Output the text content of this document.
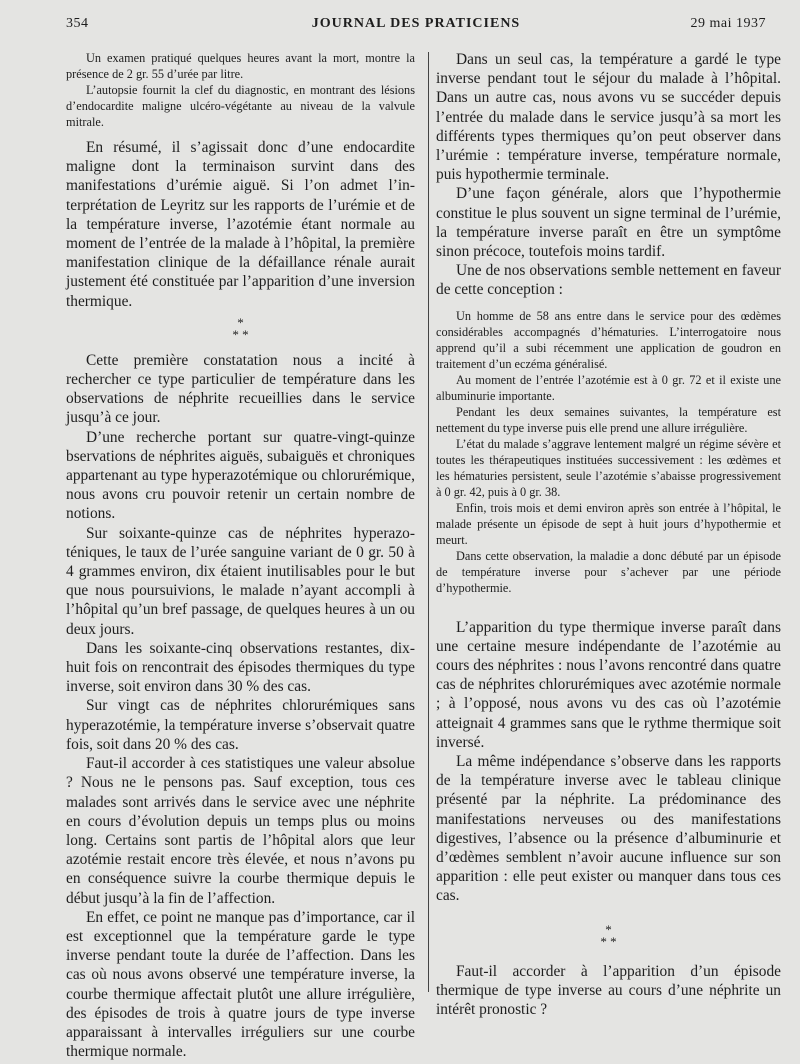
354	JOURNAL DES PRATICIENS	29 mai 1937

Un examen pratiqué quelques heures avant la mort, montre la présence de 2 gr. 55 d’urée par litre.

L’autopsie fournit la clef du diagnostic, en montrant des lésions d’endocardite maligne ulcéro-végétante au niveau de la valvule mitrale.

En résumé, il s’agissait donc d’une endocardite maligne dont la terminaison survint dans des manifestations d’urémie aiguë. Si l’on admet l’interprétation de Leyritz sur les rapports de l’urémie et de la température inverse, l’azotémie étant normale au moment de l’entrée de la malade à l’hôpital, la première manifestation clinique de la défaillance rénale aurait justement été constituée par l’apparition d’une inversion thermique.

*
* *

Cette première constatation nous a incité à rechercher ce type particulier de température dans les observations de néphrite recueillies dans le service jusqu’à ce jour.

D’une recherche portant sur quatre-vingt-quinze bservations de néphrites aiguës, subaiguës et chroniques appartenant au type hyperazotémique ou chlorurémique, nous avons cru pouvoir retenir un certain nombre de notions.

Sur soixante-quinze cas de néphrites hyperazoténiques, le taux de l’urée sanguine variant de 0 gr. 50 à 4 grammes environ, dix étaient inutilisables pour le but que nous poursuivions, le malade n’ayant accompli à l’hôpital qu’un bref passage, de quelques heures à un ou deux jours.

Dans les soixante-cinq observations restantes, dix-huit fois on rencontrait des épisodes thermiques du type inverse, soit environ dans 30 % des cas.

Sur vingt cas de néphrites chlorurémiques sans hyperazotémie, la température inverse s’observait quatre fois, soit dans 20 % des cas.

Faut-il accorder à ces statistiques une valeur absolue ? Nous ne le pensons pas. Sauf exception, tous ces malades sont arrivés dans le service avec une néphrite en cours d’évolution depuis un temps plus ou moins long. Certains sont partis de l’hôpital alors que leur azotémie restait encore très élevée, et nous n’avons pu en conséquence suivre la courbe thermique depuis le début jusqu’à la fin de l’affection.

En effet, ce point ne manque pas d’importance, car il est exceptionnel que la température garde le type inverse pendant toute la durée de l’affection. Dans les cas où nous avons observé une température inverse, la courbe thermique affectait plutôt une allure irrégulière, des épisodes de trois à quatre jours de type inverse apparaissant à intervalles irréguliers sur une courbe thermique normale.

Dans un seul cas, la température a gardé le type inverse pendant tout le séjour du malade à l’hôpital. Dans un autre cas, nous avons vu se succéder depuis l’entrée du malade dans le service jusqu’à sa mort les différents types thermiques qu’on peut observer dans l’urémie : température inverse, température normale, puis hypothermie terminale.

D’une façon générale, alors que l’hypothermie constitue le plus souvent un signe terminal de l’urémie, la température inverse paraît en être un symptôme sinon précoce, toutefois moins tardif.

Une de nos observations semble nettement en faveur de cette conception :

Un homme de 58 ans entre dans le service pour des œdèmes considérables accompagnés d’hématuries. L’interrogatoire nous apprend qu’il a subi récemment une application de goudron en traitement d’un eczéma généralisé.

Au moment de l’entrée l’azotémie est à 0 gr. 72 et il existe une albuminurie importante.

Pendant les deux semaines suivantes, la température est nettement du type inverse puis elle prend une allure irrégulière.

L’état du malade s’aggrave lentement malgré un régime sévère et toutes les thérapeutiques instituées successivement : les œdèmes et les hématuries persistent, seule l’azotémie s’abaisse progressivement à 0 gr. 42, puis à 0 gr. 38.

Enfin, trois mois et demi environ après son entrée à l’hôpital, le malade présente un épisode de sept à huit jours d’hypothermie et meurt.

Dans cette observation, la maladie a donc débuté par un épisode de température inverse pour s’achever par une période d’hypothermie.

L’apparition du type thermique inverse paraît dans une certaine mesure indépendante de l’azotémie au cours des néphrites : nous l’avons rencontré dans quatre cas de néphrites chlorurémiques avec azotémie normale ; à l’opposé, nous avons vu des cas où l’azotémie atteignait 4 grammes sans que le rythme thermique soit inversé.

La même indépendance s’observe dans les rapports de la température inverse avec le tableau clinique présenté par la néphrite. La prédominance des manifestations nerveuses ou des manifestations digestives, l’absence ou la présence d’albuminurie et d’œdèmes semblent n’avoir aucune influence sur son apparition : elle peut exister ou manquer dans tous ces cas.

*
* *

Faut-il accorder à l’apparition d’un épisode thermique de type inverse au cours d’une néphrite un intérêt pronostic ?
